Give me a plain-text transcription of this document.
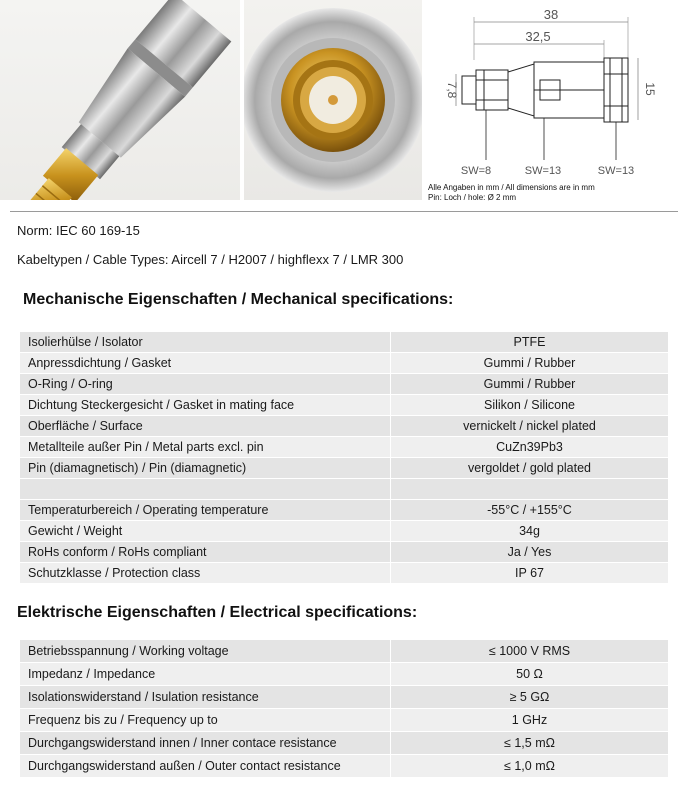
38
32,5
7,8	15
SW=8	SW=13	SW=13
Alle Angaben in mm / All dimensions are in mm
Pin: Loch / hole: Ø 2 mm
Norm: IEC 60 169-15
Kabeltypen / Cable Types: Aircell 7 / H2007 / highflexx 7 / LMR 300
Mechanische Eigenschaften / Mechanical specifications:
Isolierhülse / Isolator	PTFE
Anpressdichtung / Gasket	Gummi / Rubber
O-Ring / O-ring	Gummi / Rubber
Dichtung Steckergesicht / Gasket in mating face	Silikon / Silicone
Oberfläche / Surface	vernickelt / nickel plated
Metallteile außer Pin / Metal parts excl. pin	CuZn39Pb3
Pin (diamagnetisch) / Pin (diamagnetic)	vergoldet / gold plated

Temperaturbereich / Operating temperature	-55°C / +155°C
Gewicht / Weight	34g
RoHs conform / RoHs compliant	Ja / Yes
Schutzklasse / Protection class	IP 67
Elektrische Eigenschaften / Electrical specifications:
Betriebsspannung / Working voltage	≤ 1000 V RMS
Impedanz / Impedance	50 Ω
Isolationswiderstand / Isulation resistance	≥ 5 GΩ
Frequenz bis zu / Frequency up to	1 GHz
Durchgangswiderstand innen / Inner contace resistance	≤ 1,5 mΩ
Durchgangswiderstand außen / Outer contact resistance	≤ 1,0 mΩ
